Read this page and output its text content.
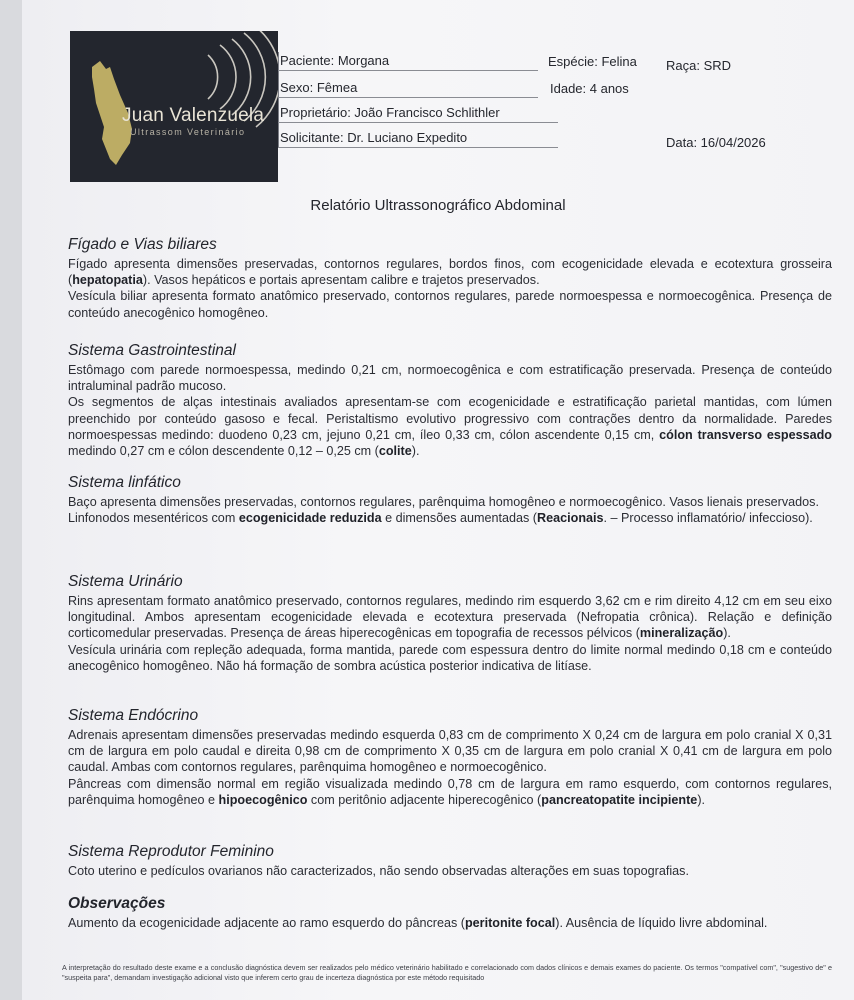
Juan Valenzuela
Ultrassom Veterinário
Paciente: Morgana	Espécie: Felina Raça: SRD
Sexo: Fêmea	Idade: 4 anos
Proprietário: João Francisco Schlithler
Solicitante: Dr. Luciano Expedito	Data: 16/04/2026
Relatório Ultrassonográfico Abdominal
Fígado e Vias biliares
Fígado apresenta dimensões preservadas, contornos regulares, bordos finos, com ecogenicidade elevada e ecotextura grosseira (hepatopatia). Vasos hepáticos e portais apresentam calibre e trajetos preservados.
Vesícula biliar apresenta formato anatômico preservado, contornos regulares, parede normoespessa e normoecogênica. Presença de conteúdo anecogênico homogêneo.
Sistema Gastrointestinal
Estômago com parede normoespessa, medindo 0,21 cm, normoecogênica e com estratificação preservada. Presença de conteúdo intraluminal padrão mucoso.
Os segmentos de alças intestinais avaliados apresentam-se com ecogenicidade e estratificação parietal mantidas, com lúmen preenchido por conteúdo gasoso e fecal. Peristaltismo evolutivo progressivo com contrações dentro da normalidade. Paredes normoespessas medindo: duodeno 0,23 cm, jejuno 0,21 cm, íleo 0,33 cm, cólon ascendente 0,15 cm, cólon transverso espessado medindo 0,27 cm e cólon descendente 0,12 – 0,25 cm (colite).
Sistema linfático
Baço apresenta dimensões preservadas, contornos regulares, parênquima homogêneo e normoecogênico. Vasos lienais preservados.
Linfonodos mesentéricos com ecogenicidade reduzida e dimensões aumentadas (Reacionais. – Processo inflamatório/ infeccioso).
Sistema Urinário
Rins apresentam formato anatômico preservado, contornos regulares, medindo rim esquerdo 3,62 cm e rim direito 4,12 cm em seu eixo longitudinal. Ambos apresentam ecogenicidade elevada e ecotextura preservada (Nefropatia crônica). Relação e definição corticomedular preservadas. Presença de áreas hiperecogênicas em topografia de recessos pélvicos (mineralização).
Vesícula urinária com repleção adequada, forma mantida, parede com espessura dentro do limite normal medindo 0,18 cm e conteúdo anecogênico homogêneo. Não há formação de sombra acústica posterior indicativa de litíase.
Sistema Endócrino
Adrenais apresentam dimensões preservadas medindo esquerda 0,83 cm de comprimento X 0,24 cm de largura em polo cranial X 0,31 cm de largura em polo caudal e direita 0,98 cm de comprimento X 0,35 cm de largura em polo cranial X 0,41 cm de largura em polo caudal. Ambas com contornos regulares, parênquima homogêneo e normoecogênico.
Pâncreas com dimensão normal em região visualizada medindo 0,78 cm de largura em ramo esquerdo, com contornos regulares, parênquima homogêneo e hipoecogênico com peritônio adjacente hiperecogênico (pancreatopatite incipiente).
Sistema Reprodutor Feminino
Coto uterino e pedículos ovarianos não caracterizados, não sendo observadas alterações em suas topografias.
Observações
Aumento da ecogenicidade adjacente ao ramo esquerdo do pâncreas (peritonite focal). Ausência de líquido livre abdominal.
A interpretação do resultado deste exame e a conclusão diagnóstica devem ser realizados pelo médico veterinário habilitado e correlacionado com dados clínicos e demais exames do paciente. Os termos "compatível com", "sugestivo de" e "suspeita para", demandam investigação adicional visto que inferem certo grau de incerteza diagnóstica por este método requisitado
